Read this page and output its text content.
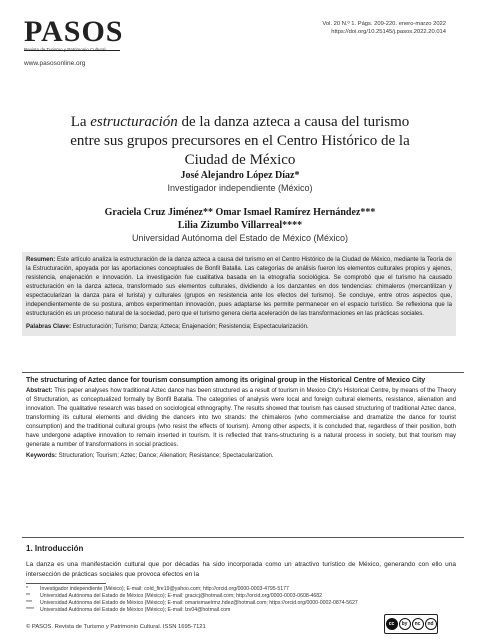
PASOS
www.pasosonline.org
Vol. 20 N.º 1. Págs. 209-220. enero-marzo 2022
https://doi.org/10.25145/j.pasos.2022.20.014
La estructuración de la danza azteca a causa del turismo entre sus grupos precursores en el Centro Histórico de la Ciudad de México
José Alejandro López Díaz*
Investigador independiente (México)
Graciela Cruz Jiménez** Omar Ismael Ramírez Hernández***
Lilia Zizumbo Villarreal****
Universidad Autónoma del Estado de México (México)

Resumen: Este artículo analiza la estructuración de la danza azteca a causa del turismo en el Centro Histórico de la Ciudad de México, mediante la Teoría de la Estructuración, apoyada por las aportaciones conceptuales de Bonfil Batalla. Las categorías de análisis fueron los elementos culturales propios y ajenos, resistencia, enajenación e innovación. La investigación fue cualitativa basada en la etnografía sociológica. Se comprobó que el turismo ha causado estructuración en la danza azteca, transformado sus elementos culturales, dividiendo a los danzantes en dos tendencias: chimaleros (mercantilizan y espectacularizan la danza para el turista) y culturales (grupos en resistencia ante los efectos del turismo). Se concluye, entre otros aspectos que, independientemente de su postura, ambos experimentan innovación, pues adaptarse les permite permanecer en el espacio turístico. Se reflexiona que la estructuración es un proceso natural de la sociedad, pero que el turismo genera cierta aceleración de las transformaciones en las prácticas sociales.

Palabras Clave: Estructuración; Turismo; Danza; Azteca; Enajenación; Resistencia; Espectacularización.

The structuring of Aztec dance for tourism consumption among its original group in the Historical Centre of Mexico City

Abstract: This paper analyses how traditional Aztec dance has been structured as a result of tourism in Mexico City's Historical Centre, by means of the Theory of Structuration, as conceptualized formally by Bonfil Batalla. The categories of analysis were local and foreign cultural elements, resistance, alienation and innovation. The qualitative research was based on sociological ethnography. The results showed that tourism has caused structuring of traditional Aztec dance, transforming its cultural elements and dividing the dancers into two strands: the chimaleros (who commercialise and dramatize the dance for tourist consumption) and the traditional cultural groups (who resist the effects of tourism). Among other aspects, it is concluded that, regardless of their position, both have undergone adaptive innovation to remain inserted in tourism. It is reflected that trans-structuring is a natural process in society, but that tourism may generate a number of transformations in social practices.

Keywords: Structuration; Tourism; Aztec; Dance; Alienation; Resistance; Spectacularization.

1. Introducción
La danza es una manifestación cultural que por décadas ha sido incorporada como un atractivo turístico de México, generando con ello una intersección de prácticas sociales que provoca efectos en la
*	Investigador independiente (México); E-mail: cold_fire19@yahoo.com; http://orcid.org/0000-0003-4795-5177
**	Universidad Autónoma del Estado de México (México); E-mail: gracicj@hotmail.com; http://orcid.org/0000-0003-0608-4682
***	Universidad Autónoma del Estado de México (México); E-mail: omarismaelrmz.hdez@hotmail.com; https://orcid.org/0000-0002-0874-5627
****	Universidad Autónoma del Estado de México (México); E-mail: lzv04@hotmail.com
© PASOS. Revista de Turismo y Patrimonio Cultural. ISSN 1695-7121	cc	by	nc	nd
